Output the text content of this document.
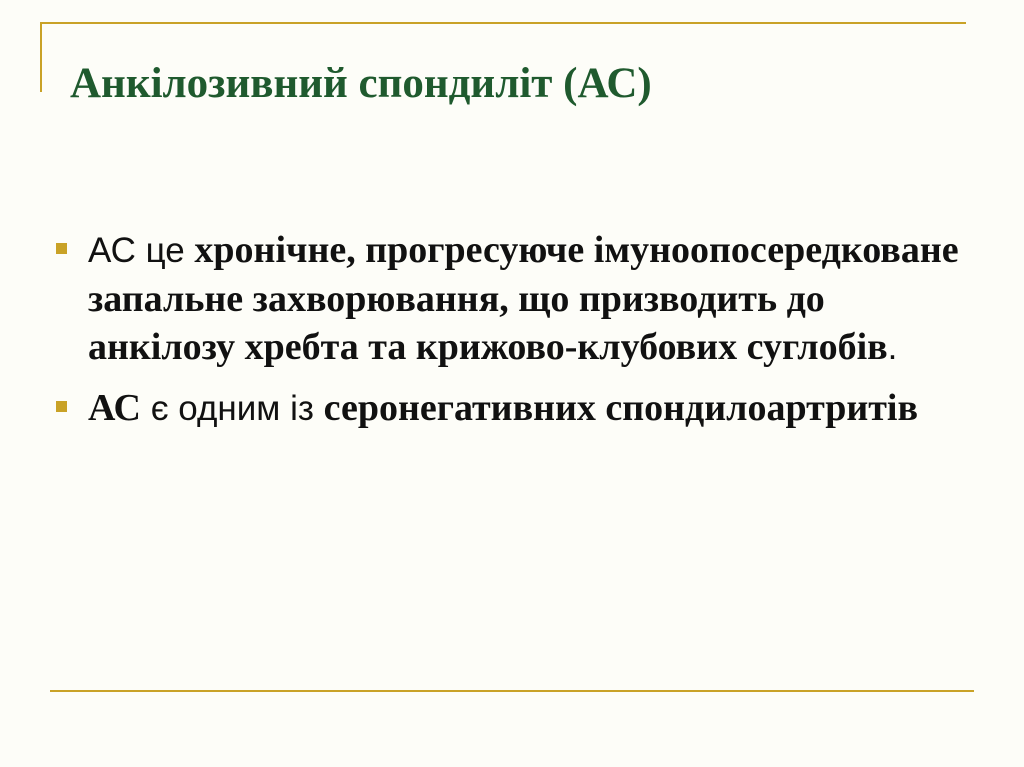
Анкілозивний спондиліт (АС)
АС це хронічне, прогресуюче імуноопосередковане запальне захворювання, що призводить до анкілозу хребта та крижово-клубових суглобів.
АС є одним із серонегативних спондилоартритів
